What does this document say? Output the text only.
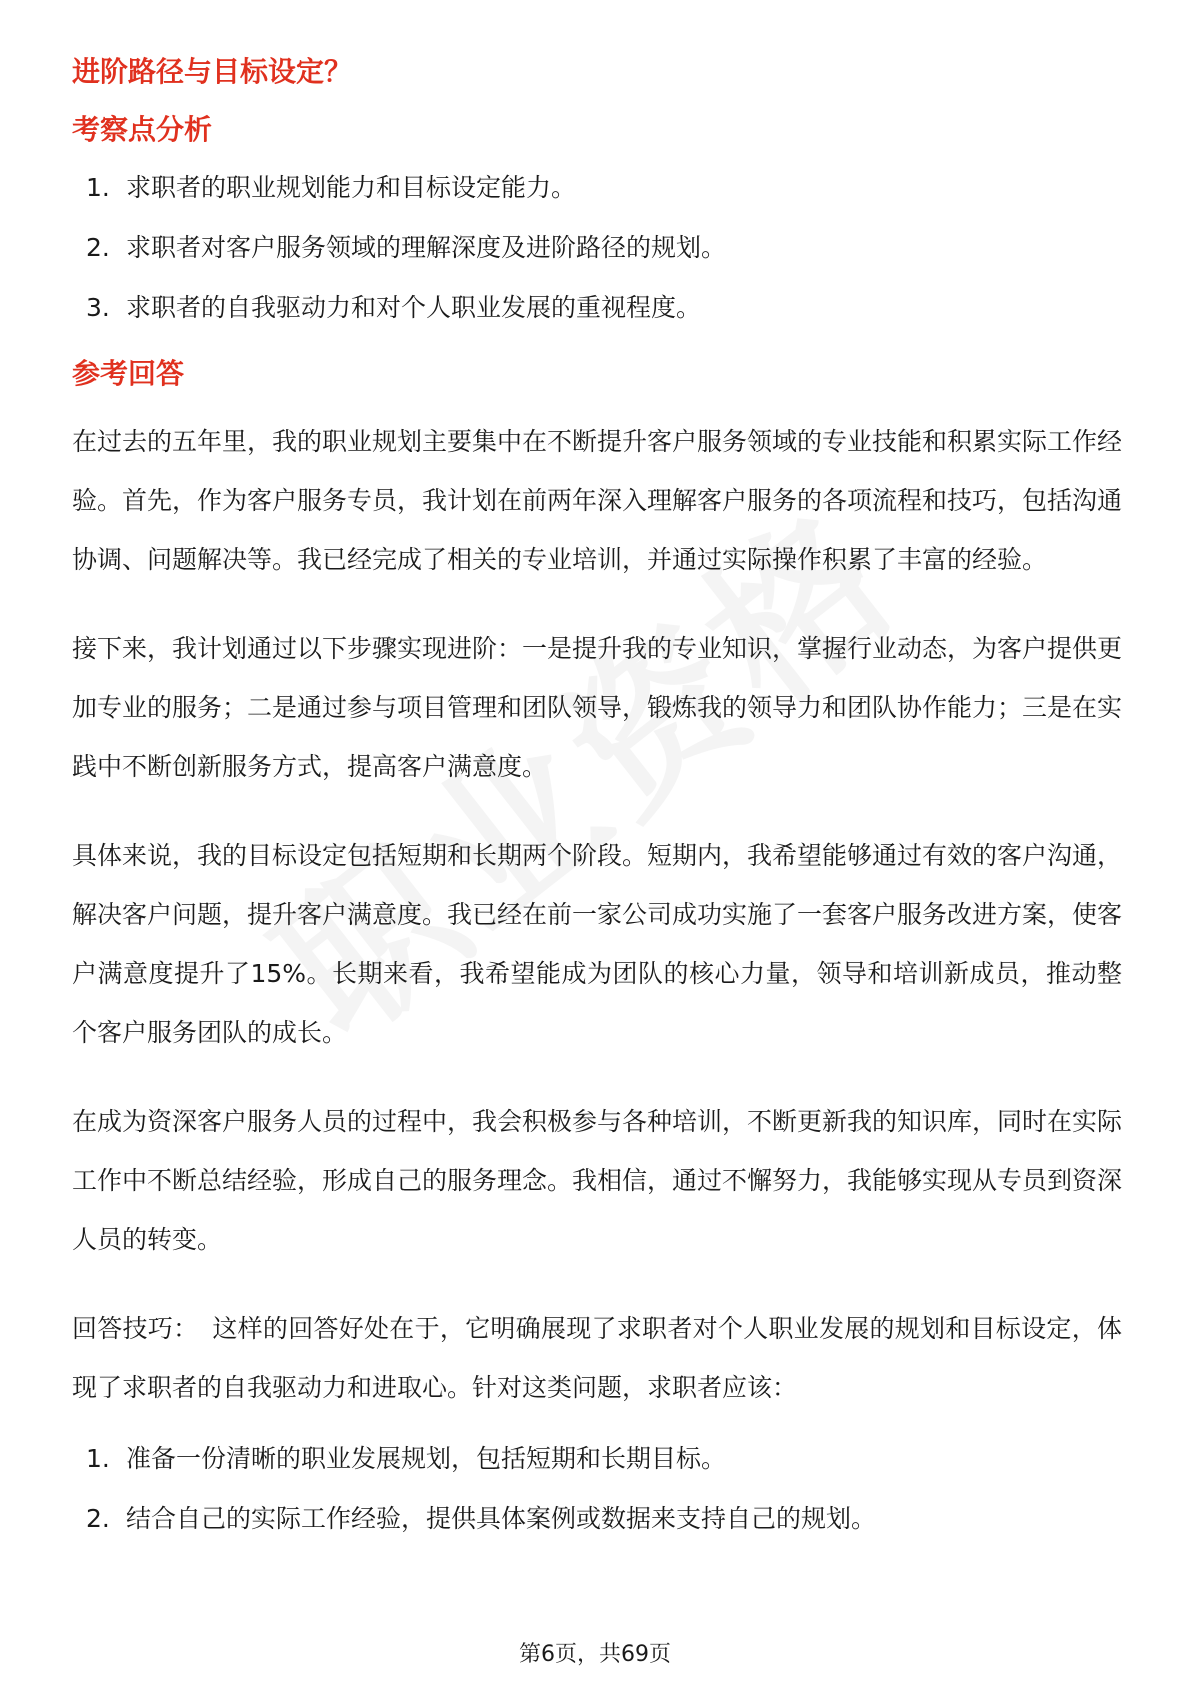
进阶路径与目标设定？
考察点分析
1. 求职者的职业规划能力和目标设定能力。
2. 求职者对客户服务领域的理解深度及进阶路径的规划。
3. 求职者的自我驱动力和对个人职业发展的重视程度。
参考回答

在过去的五年里，我的职业规划主要集中在不断提升客户服务领域的专业技能和积累实际工作经验。首先，作为客户服务专员，我计划在前两年深入理解客户服务的各项流程和技巧，包括沟通协调、问题解决等。我已经完成了相关的专业培训，并通过实际操作积累了丰富的经验。

接下来，我计划通过以下步骤实现进阶：一是提升我的专业知识，掌握行业动态，为客户提供更加专业的服务；二是通过参与项目管理和团队领导，锻炼我的领导力和团队协作能力；三是在实践中不断创新服务方式，提高客户满意度。

具体来说，我的目标设定包括短期和长期两个阶段。短期内，我希望能够通过有效的客户沟通，解决客户问题，提升客户满意度。我已经在前一家公司成功实施了一套客户服务改进方案，使客户满意度提升了15%。长期来看，我希望能成为团队的核心力量，领导和培训新成员，推动整个客户服务团队的成长。

在成为资深客户服务人员的过程中，我会积极参与各种培训，不断更新我的知识库，同时在实际工作中不断总结经验，形成自己的服务理念。我相信，通过不懈努力，我能够实现从专员到资深人员的转变。

回答技巧： 这样的回答好处在于，它明确展现了求职者对个人职业发展的规划和目标设定，体现了求职者的自我驱动力和进取心。针对这类问题，求职者应该：

1. 准备一份清晰的职业发展规划，包括短期和长期目标。
2. 结合自己的实际工作经验，提供具体案例或数据来支持自己的规划。
第6页，共69页
